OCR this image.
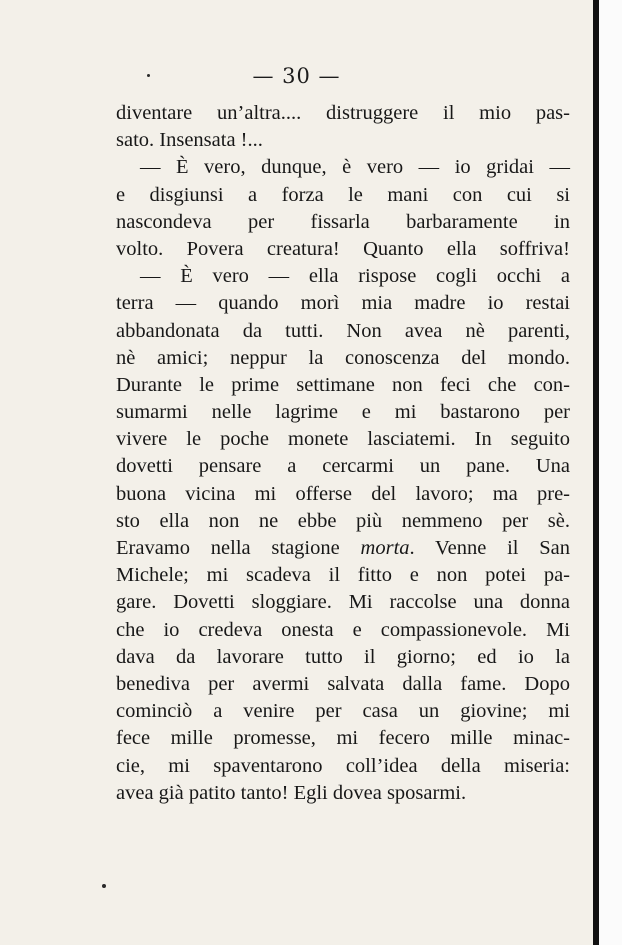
— 30 —
diventare un’altra.... distruggere il mio pas-
sato. Insensata !...
— È vero, dunque, è vero — io gridai —
e disgiunsi a forza le mani con cui si
nascondeva per fissarla barbaramente in
volto. Povera creatura! Quanto ella soffriva!
— È vero — ella rispose cogli occhi a
terra — quando morì mia madre io restai
abbandonata da tutti. Non avea nè parenti,
nè amici; neppur la conoscenza del mondo.
Durante le prime settimane non feci che con-
sumarmi nelle lagrime e mi bastarono per
vivere le poche monete lasciatemi. In seguito
dovetti pensare a cercarmi un pane. Una
buona vicina mi offerse del lavoro; ma pre-
sto ella non ne ebbe più nemmeno per sè.
Eravamo nella stagione morta. Venne il San
Michele; mi scadeva il fitto e non potei pa-
gare. Dovetti sloggiare. Mi raccolse una donna
che io credeva onesta e compassionevole. Mi
dava da lavorare tutto il giorno; ed io la
benediva per avermi salvata dalla fame. Dopo
cominciò a venire per casa un giovine; mi
fece mille promesse, mi fecero mille minac-
cie, mi spaventarono coll’idea della miseria:
avea già patito tanto! Egli dovea sposarmi.
